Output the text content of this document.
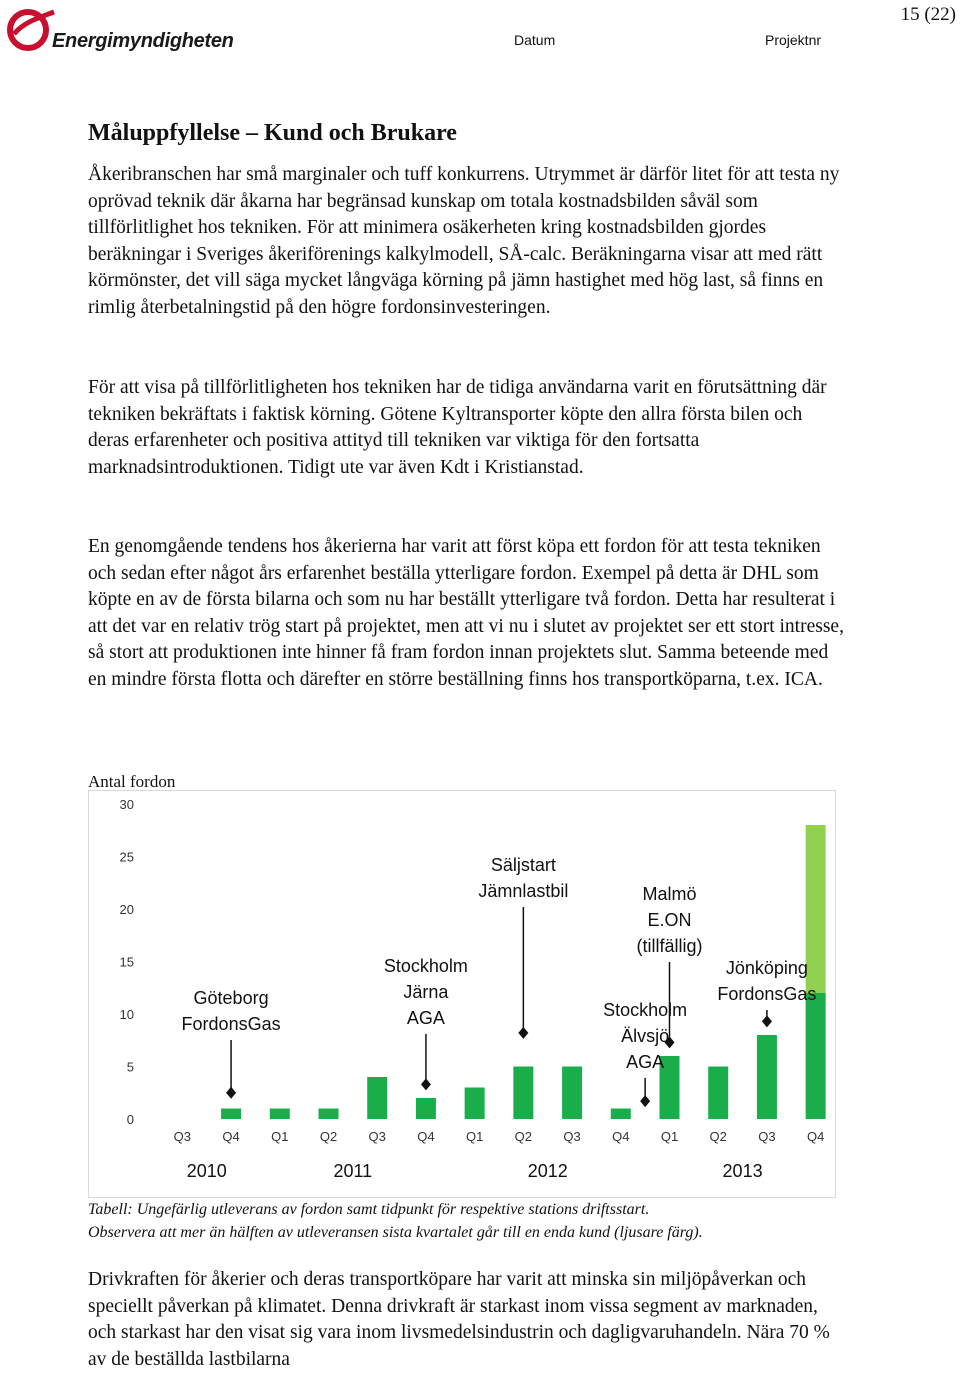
Energimyndigheten	Datum	Projektnr
15 (22)
Måluppfyllelse – Kund och Brukare

Åkeribranschen har små marginaler och tuff konkurrens. Utrymmet är därför litet för att testa ny oprövad teknik där åkarna har begränsad kunskap om totala kostnadsbilden såväl som tillförlitlighet hos tekniken. För att minimera osäkerheten kring kostnadsbilden gjordes beräkningar i Sveriges åkeriförenings kalkylmodell, SÅ-calc. Beräkningarna visar att med rätt körmönster, det vill säga mycket långväga körning på jämn hastighet med hög last, så finns en rimlig återbetalningstid på den högre fordonsinvesteringen.

För att visa på tillförlitligheten hos tekniken har de tidiga användarna varit en förutsättning där tekniken bekräftats i faktisk körning. Götene Kyltransporter köpte den allra första bilen och deras erfarenheter och positiva attityd till tekniken var viktiga för den fortsatta marknadsintroduktionen. Tidigt ute var även Kdt i Kristianstad.

En genomgående tendens hos åkerierna har varit att först köpa ett fordon för att testa tekniken och sedan efter något års erfarenhet beställa ytterligare fordon. Exempel på detta är DHL som köpte en av de första bilarna och som nu har beställt ytterligare två fordon. Detta har resulterat i att det var en relativ trög start på projektet, men att vi nu i slutet av projektet ser ett stort intresse, så stort att produktionen inte hinner få fram fordon innan projektets slut. Samma beteende med en mindre första flotta och därefter en större beställning finns hos transportköparna, t.ex. ICA.

Antal fordon
0
5
10
15
20
25
30
Q3 Q4 Q1 Q2 Q3 Q4 Q1 Q2 Q3 Q4 Q1 Q2 Q3 Q4
2010	2011	2012	2013
Göteborg
FordonsGas
Stockholm
Järna
AGA
Säljstart
Jämnlastbil	Malmö
E.ON
(tillfällig)
Stockholm
Älvsjö
AGA
Jönköping
FordonsGas
Tabell: Ungefärlig utleverans av fordon samt tidpunkt för respektive stations driftsstart.
Observera att mer än hälften av utleveransen sista kvartalet går till en enda kund (ljusare färg).

Drivkraften för åkerier och deras transportköpare har varit att minska sin miljöpåverkan och speciellt påverkan på klimatet. Denna drivkraft är starkast inom vissa segment av marknaden, och starkast har den visat sig vara inom livsmedelsindustrin och dagligvaruhandeln. Nära 70 % av de beställda lastbilarna
